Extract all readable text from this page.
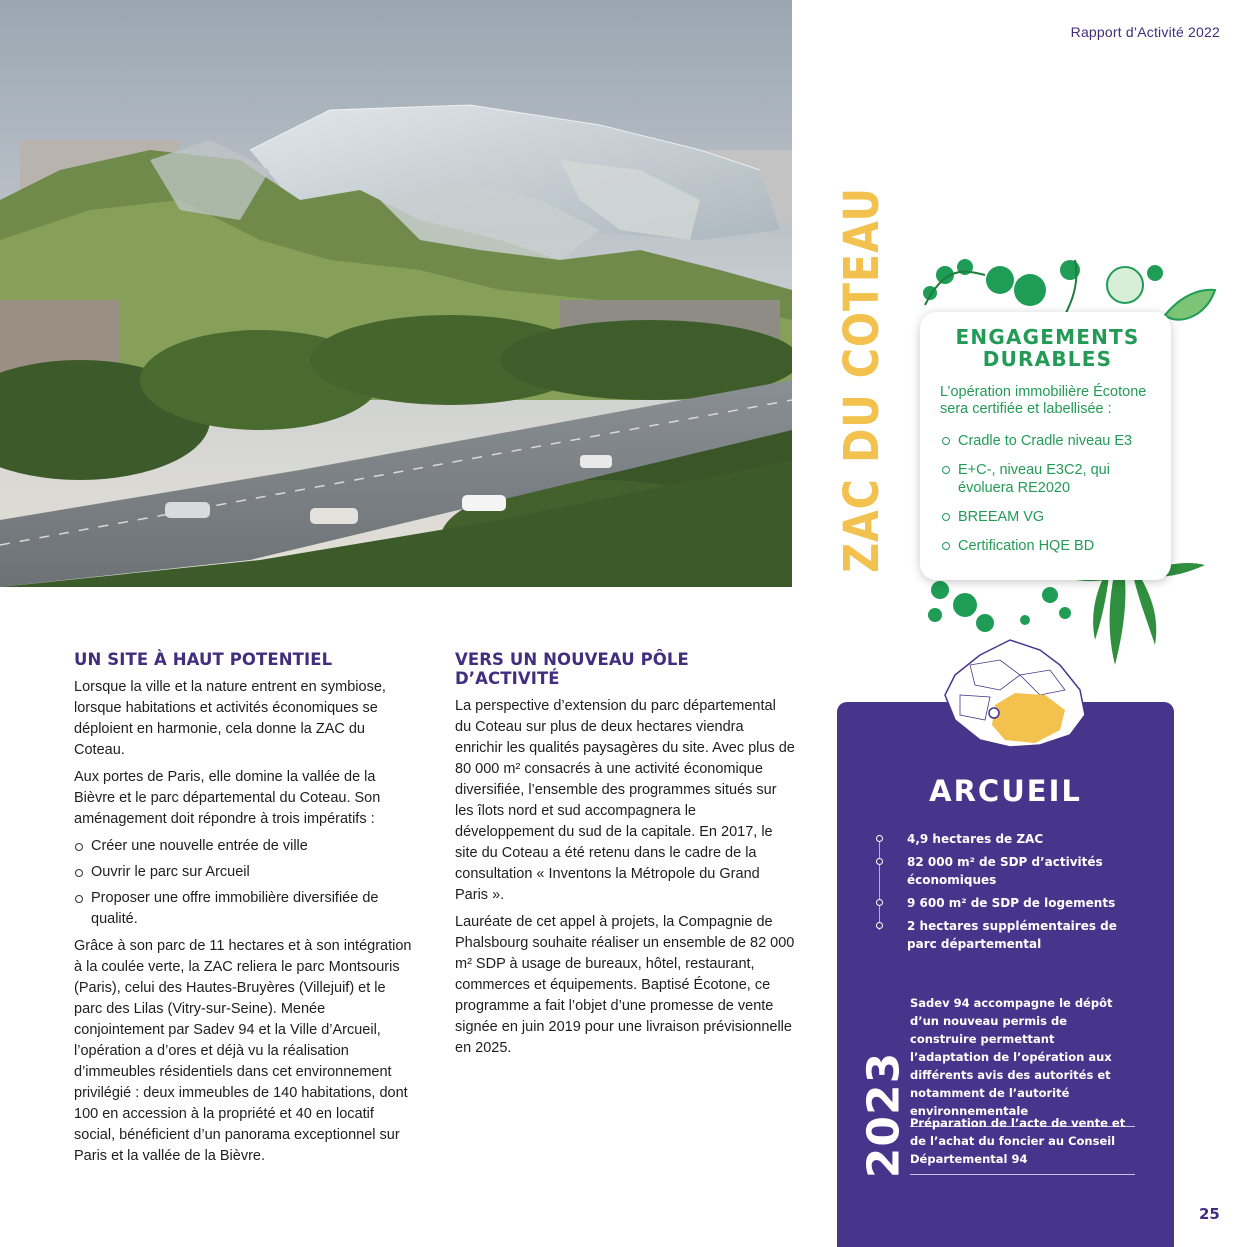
Rapport d’Activité 2022
ZAC DU COTEAU	ENGAGEMENTS
DURABLES

L’opération immobilière Écotone sera certifiée et labellisée :

Cradle to Cradle niveau E3
E+C-, niveau E3C2, qui évoluera RE2020
BREEAM VG
Certification HQE BD
UN SITE À HAUT POTENTIEL

Lorsque la ville et la nature entrent en symbiose, lorsque habitations et activités économiques se déploient en harmonie, cela donne la ZAC du Coteau.

Aux portes de Paris, elle domine la vallée de la Bièvre et le parc départemental du Coteau. Son aménagement doit répondre à trois impératifs :

Créer une nouvelle entrée de ville
Ouvrir le parc sur Arcueil
Proposer une offre immobilière diversifiée de qualité.

Grâce à son parc de 11 hectares et à son intégration à la coulée verte, la ZAC reliera le parc Montsouris (Paris), celui des Hautes-Bruyères (Villejuif) et le parc des Lilas (Vitry-sur-Seine). Menée conjointement par Sadev 94 et la Ville d’Arcueil, l’opération a d’ores et déjà vu la réalisation d’immeubles résidentiels dans cet environnement privilégié : deux immeubles de 140 habitations, dont 100 en accession à la propriété et 40 en locatif social, bénéficient d’un panorama exceptionnel sur Paris et la vallée de la Bièvre.

VERS UN NOUVEAU PÔLE D’ACTIVITÉ

La perspective d’extension du parc départemental du Coteau sur plus de deux hectares viendra enrichir les qualités paysagères du site. Avec plus de 80 000 m² consacrés à une activité économique diversifiée, l’ensemble des programmes situés sur les îlots nord et sud accompagnera le développement du sud de la capitale. En 2017, le site du Coteau a été retenu dans le cadre de la consultation « Inventons la Métropole du Grand Paris ».

Lauréate de cet appel à projets, la Compagnie de Phalsbourg souhaite réaliser un ensemble de 82 000 m² SDP à usage de bureaux, hôtel, restaurant, commerces et équipements. Baptisé Écotone, ce programme a fait l’objet d’une promesse de vente signée en juin 2019 pour une livraison prévisionnelle en 2025.

ARCUEIL
4,9 hectares de ZAC
82 000 m² de SDP d’activités économiques
9 600 m² de SDP de logements
2 hectares supplémentaires de parc départemental
2023
Sadev 94 accompagne le dépôt d’un nouveau permis de construire permettant l’adaptation de l’opération aux différents avis des autorités et notamment de l’autorité environnementale
Préparation de l’acte de vente et de l’achat du foncier au Conseil Départemental 94
25
